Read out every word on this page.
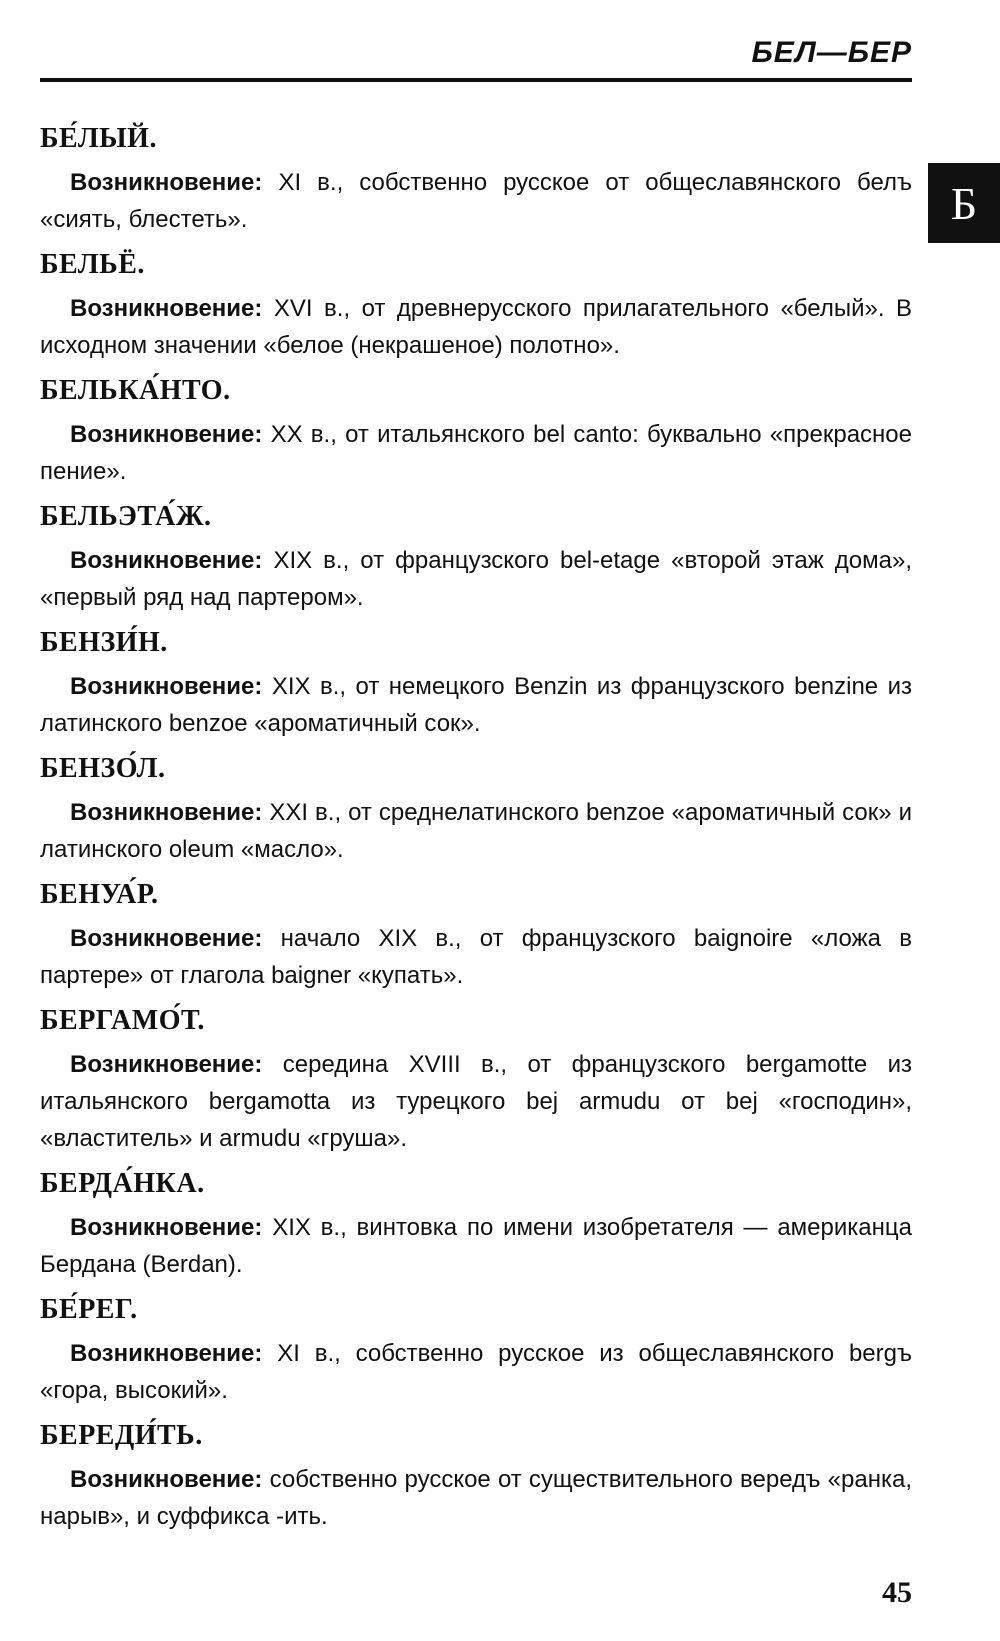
БЕЛ—БЕР
Б

БЕ́ЛЫЙ.

Возникновение: XI в., собственно русское от общеславянского белъ «сиять, блестеть».

БЕЛЬЁ.

Возникновение: XVI в., от древнерусского прилагательного «белый». В исходном значении «белое (некрашеное) полотно».

БЕЛЬКА́НТО.

Возникновение: XX в., от итальянского bel canto: буквально «прекрасное пение».

БЕЛЬЭТА́Ж.

Возникновение: XIX в., от французского bel-etage «второй этаж дома», «первый ряд над партером».

БЕНЗИ́Н.

Возникновение: XIX в., от немецкого Benzin из французского benzine из латинского benzoe «ароматичный сок».

БЕНЗО́Л.

Возникновение: XXI в., от среднелатинского benzoe «ароматичный сок» и латинского oleum «масло».

БЕНУА́Р.

Возникновение: начало XIX в., от французского baignoire «ложа в партере» от глагола baigner «купать».

БЕРГАМО́Т.

Возникновение: середина XVIII в., от французского bergamotte из итальянского bergamotta из турецкого bej armudu от bej «господин», «властитель» и armudu «груша».

БЕРДА́НКА.

Возникновение: XIX в., винтовка по имени изобретателя — американца Бердана (Berdan).

БЕ́РЕГ.

Возникновение: XI в., собственно русское из общеславянского bergъ «гора, высокий».

БЕРЕДИ́ТЬ.

Возникновение: собственно русское от существительного вередъ «ранка, нарыв», и суффикса -ить.

45
